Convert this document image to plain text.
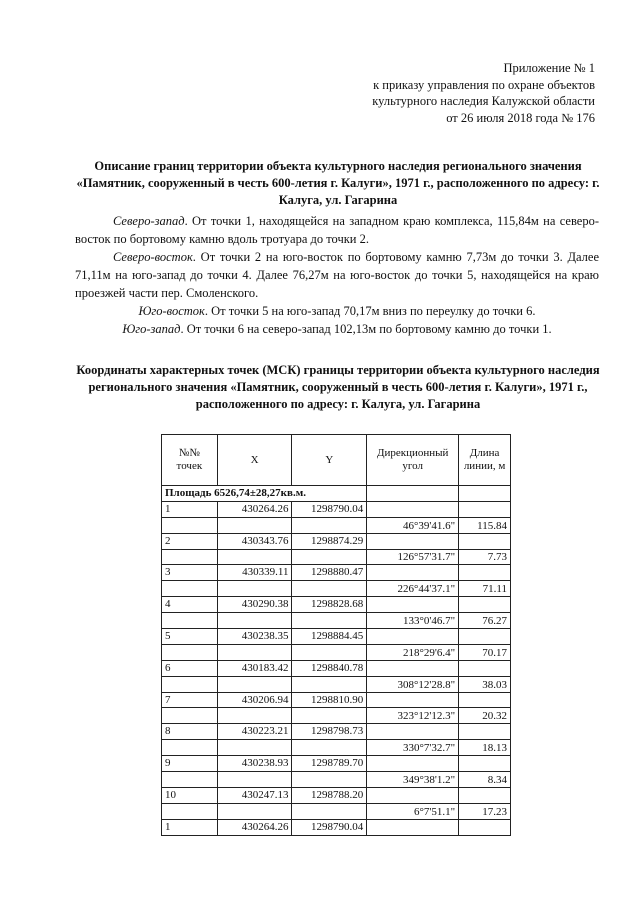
Приложение № 1
к приказу управления по охране объектов
культурного наследия Калужской области
от 26 июля 2018 года № 176
Описание границ территории объекта культурного наследия регионального значения «Памятник, сооруженный в честь 600-летия г. Калуги», 1971 г., расположенного по адресу: г. Калуга, ул. Гагарина

Северо-запад. От точки 1, находящейся на западном краю комплекса, 115,84м на северо-восток по бортовому камню вдоль тротуара до точки 2.

Северо-восток. От точки 2 на юго-восток по бортовому камню 7,73м до точки 3. Далее 71,11м на юго-запад до точки 4. Далее 76,27м на юго-восток до точки 5, находящейся на краю проезжей части пер. Смоленского.

Юго-восток. От точки 5 на юго-запад 70,17м вниз по переулку до точки 6.

Юго-запад. От точки 6 на северо-запад 102,13м по бортовому камню до точки 1.

Координаты характерных точек (МСК) границы территории объекта культурного наследия регионального значения «Памятник, сооруженный в честь 600-летия г. Калуги», 1971 г., расположенного по адресу: г. Калуга, ул. Гагарина
№№ точек	X	Y	Дирекционный угол	Длина линии, м
Площадь 6526,74±28,27кв.м.				
1	430264.26	1298790.04		
			46°39'41.6"	115.84
2	430343.76	1298874.29		
			126°57'31.7"	7.73
3	430339.11	1298880.47		
			226°44'37.1"	71.11
4	430290.38	1298828.68		
			133°0'46.7"	76.27
5	430238.35	1298884.45		
			218°29'6.4"	70.17
6	430183.42	1298840.78		
			308°12'28.8"	38.03
7	430206.94	1298810.90		
			323°12'12.3"	20.32
8	430223.21	1298798.73		
			330°7'32.7"	18.13
9	430238.93	1298789.70		
			349°38'1.2"	8.34
10	430247.13	1298788.20		
			6°7'51.1"	17.23
1	430264.26	1298790.04		
